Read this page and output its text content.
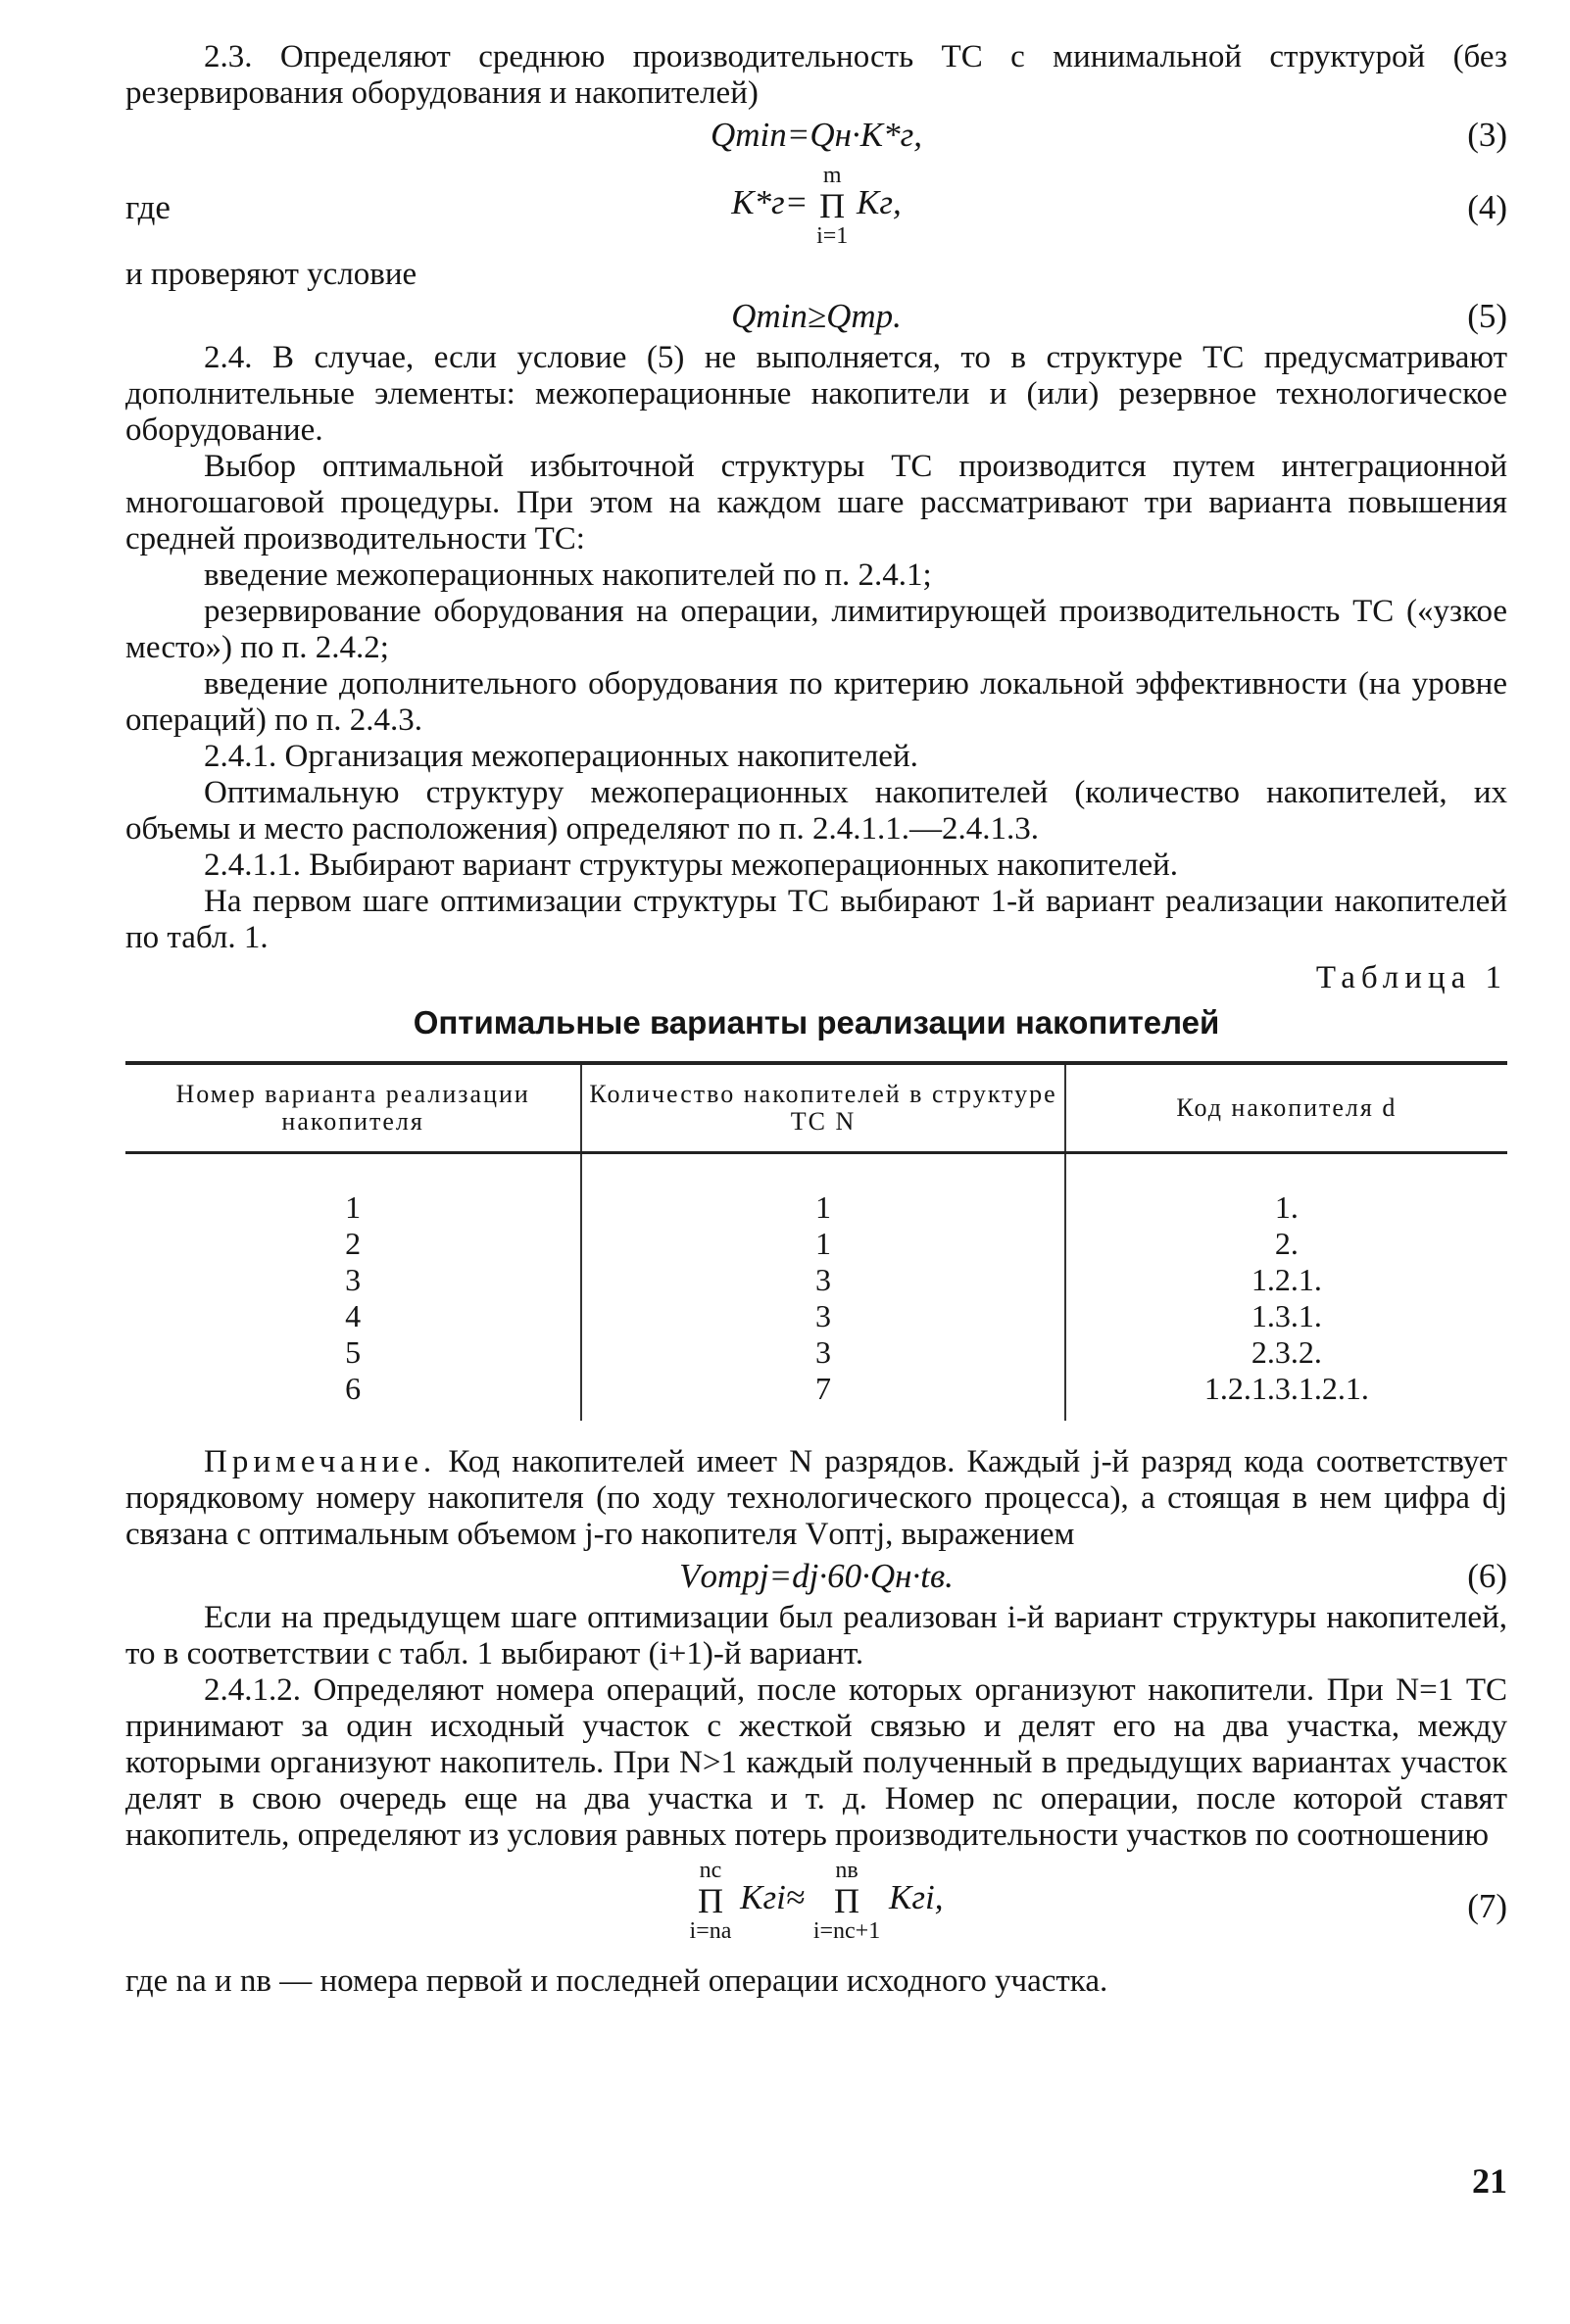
2.3. Определяют среднюю производительность ТС с минимальной структурой (без резервирования оборудования и накопителей)

Qmin=Qн·K*г,	(3)
где	K*г=
m
Π
i=1
Kг,	(4)

и проверяют условие

Qmin≥Qтр.	(5)

2.4. В случае, если условие (5) не выполняется, то в структуре ТС предусматривают дополнительные элементы: межоперационные накопители и (или) резервное технологическое оборудование.

Выбор оптимальной избыточной структуры ТС производится путем интеграционной многошаговой процедуры. При этом на каждом шаге рассматривают три варианта повышения средней производительности ТС:

введение межоперационных накопителей по п. 2.4.1;

резервирование оборудования на операции, лимитирующей производительность ТС («узкое место») по п. 2.4.2;

введение дополнительного оборудования по критерию локальной эффективности (на уровне операций) по п. 2.4.3.

2.4.1. Организация межоперационных накопителей.

Оптимальную структуру межоперационных накопителей (количество накопителей, их объемы и место расположения) определяют по п. 2.4.1.1.—2.4.1.3.

2.4.1.1. Выбирают вариант структуры межоперационных накопителей.

На первом шаге оптимизации структуры ТС выбирают 1-й вариант реализации накопителей по табл. 1.

Таблица 1
Оптимальные варианты реализации накопителей
Номер варианта реализации накопителя	Количество накопителей в структуре ТС N	Код накопителя d
1	1	1.
2	1	2.
3	3	1.2.1.
4	3	1.3.1.
5	3	2.3.2.
6	7	1.2.1.3.1.2.1.

Примечание. Код накопителей имеет N разрядов. Каждый j-й разряд кода соответствует порядковому номеру накопителя (по ходу технологического процесса), а стоящая в нем цифра dj связана с оптимальным объемом j-го накопителя Vоптj, выражением

Vотрj=dj·60·Qн·tв.	(6)

Если на предыдущем шаге оптимизации был реализован i-й вариант структуры накопителей, то в соответствии с табл. 1 выбирают (i+1)-й вариант.

2.4.1.2. Определяют номера операций, после которых организуют накопители. При N=1 ТС принимают за один исходный участок с жесткой связью и делят его на два участка, между которыми организуют накопитель. При N>1 каждый полученный в предыдущих вариантах участок делят в свою очередь еще на два участка и т. д. Номер nc операции, после которой ставят накопитель, определяют из условия равных потерь производительности участков по соотношению

nc
Π
i=na
Kгi≈
nв
Π
i=nc+1
Kгi,	(7)

где na и nв — номера первой и последней операции исходного участка.

21
